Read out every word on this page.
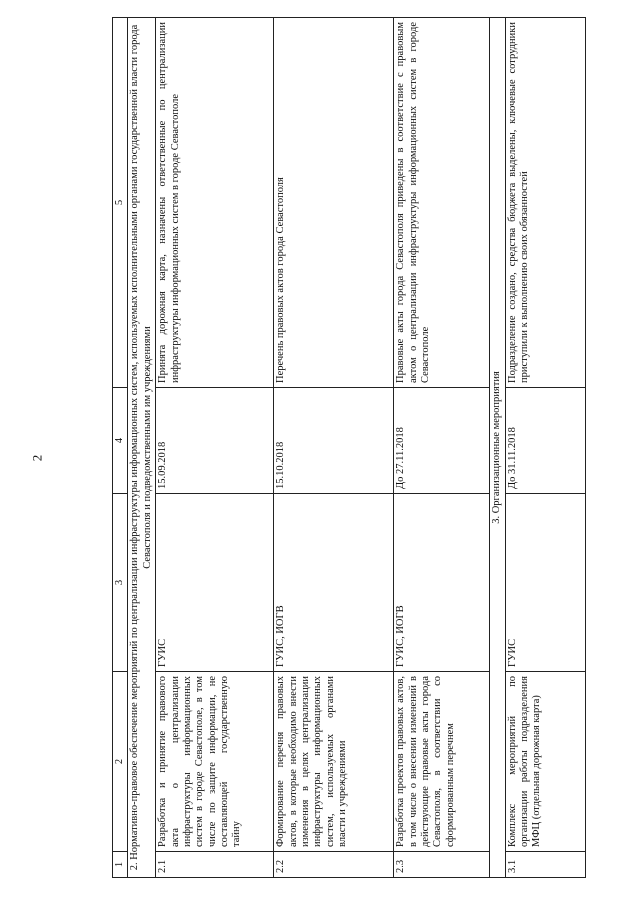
2
1	2	3	4	5
2. Нормативно-правовое обеспечение мероприятий по централизации инфраструктуры информационных систем, используемых исполнительными органами государственной власти города Севастополя и подведомственными им учреждениями				
2.1	Разработка и принятие правового акта о централизации инфраструктуры информационных систем в городе Севастополе, в том числе по защите информации, не составляющей государственную тайну	ГУИС	15.09.2018	Принята дорожная карта, назначены ответственные по централизации инфраструктуры информационных систем в городе Севастополе
2.2	Формирование перечня правовых актов, в которые необходимо внести изменения в целях централизации инфраструктуры информационных систем, используемых органами власти и учреждениями	ГУИС, ИОГВ	15.10.2018	Перечень правовых актов города Севастополя
2.3	Разработка проектов правовых актов, в том числе о внесении изменений в действующие правовые акты города Севастополя, в соответствии со сформированным перечнем	ГУИС, ИОГВ	До 27.11.2018	Правовые акты города Севастополя приведены в соответствие с правовым актом о централизации инфраструктуры информационных систем в городе Севастополе
3. Организационные мероприятия				
3.1	Комплекс мероприятий по организации работы подразделения МФЦ (отдельная дорожная карта)	ГУИС	До 31.11.2018	Подразделение создано, средства бюджета выделены, ключевые сотрудники приступили к выполнению своих обязанностей
